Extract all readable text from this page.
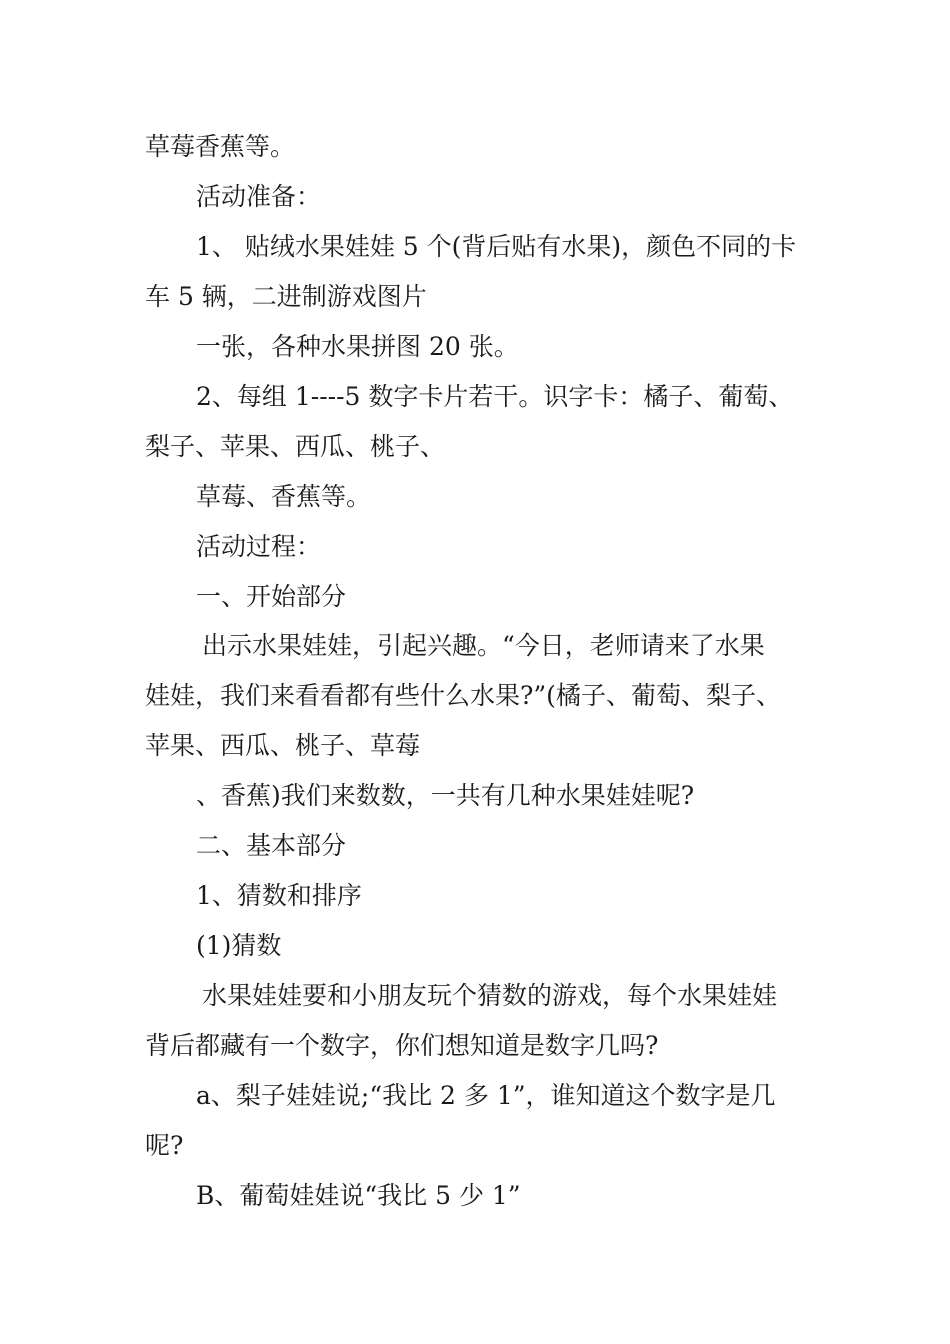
草莓香蕉等。
活动准备：
1、 贴绒水果娃娃 5 个(背后贴有水果)，颜色不同的卡
车 5 辆，二进制游戏图片
一张，各种水果拼图 20 张。
2、每组 1----5 数字卡片若干。识字卡：橘子、葡萄、
梨子、苹果、西瓜、桃子、
草莓、香蕉等。
活动过程：
一、开始部分
出示水果娃娃，引起兴趣。“今日，老师请来了水果
娃娃，我们来看看都有些什么水果?”(橘子、葡萄、梨子、
苹果、西瓜、桃子、草莓
、香蕉)我们来数数，一共有几种水果娃娃呢?
二、基本部分
1、猜数和排序
(1)猜数
水果娃娃要和小朋友玩个猜数的游戏，每个水果娃娃
背后都藏有一个数字，你们想知道是数字几吗?
a、梨子娃娃说;“我比 2 多 1”，谁知道这个数字是几
呢?
B、葡萄娃娃说“我比 5 少 1”
